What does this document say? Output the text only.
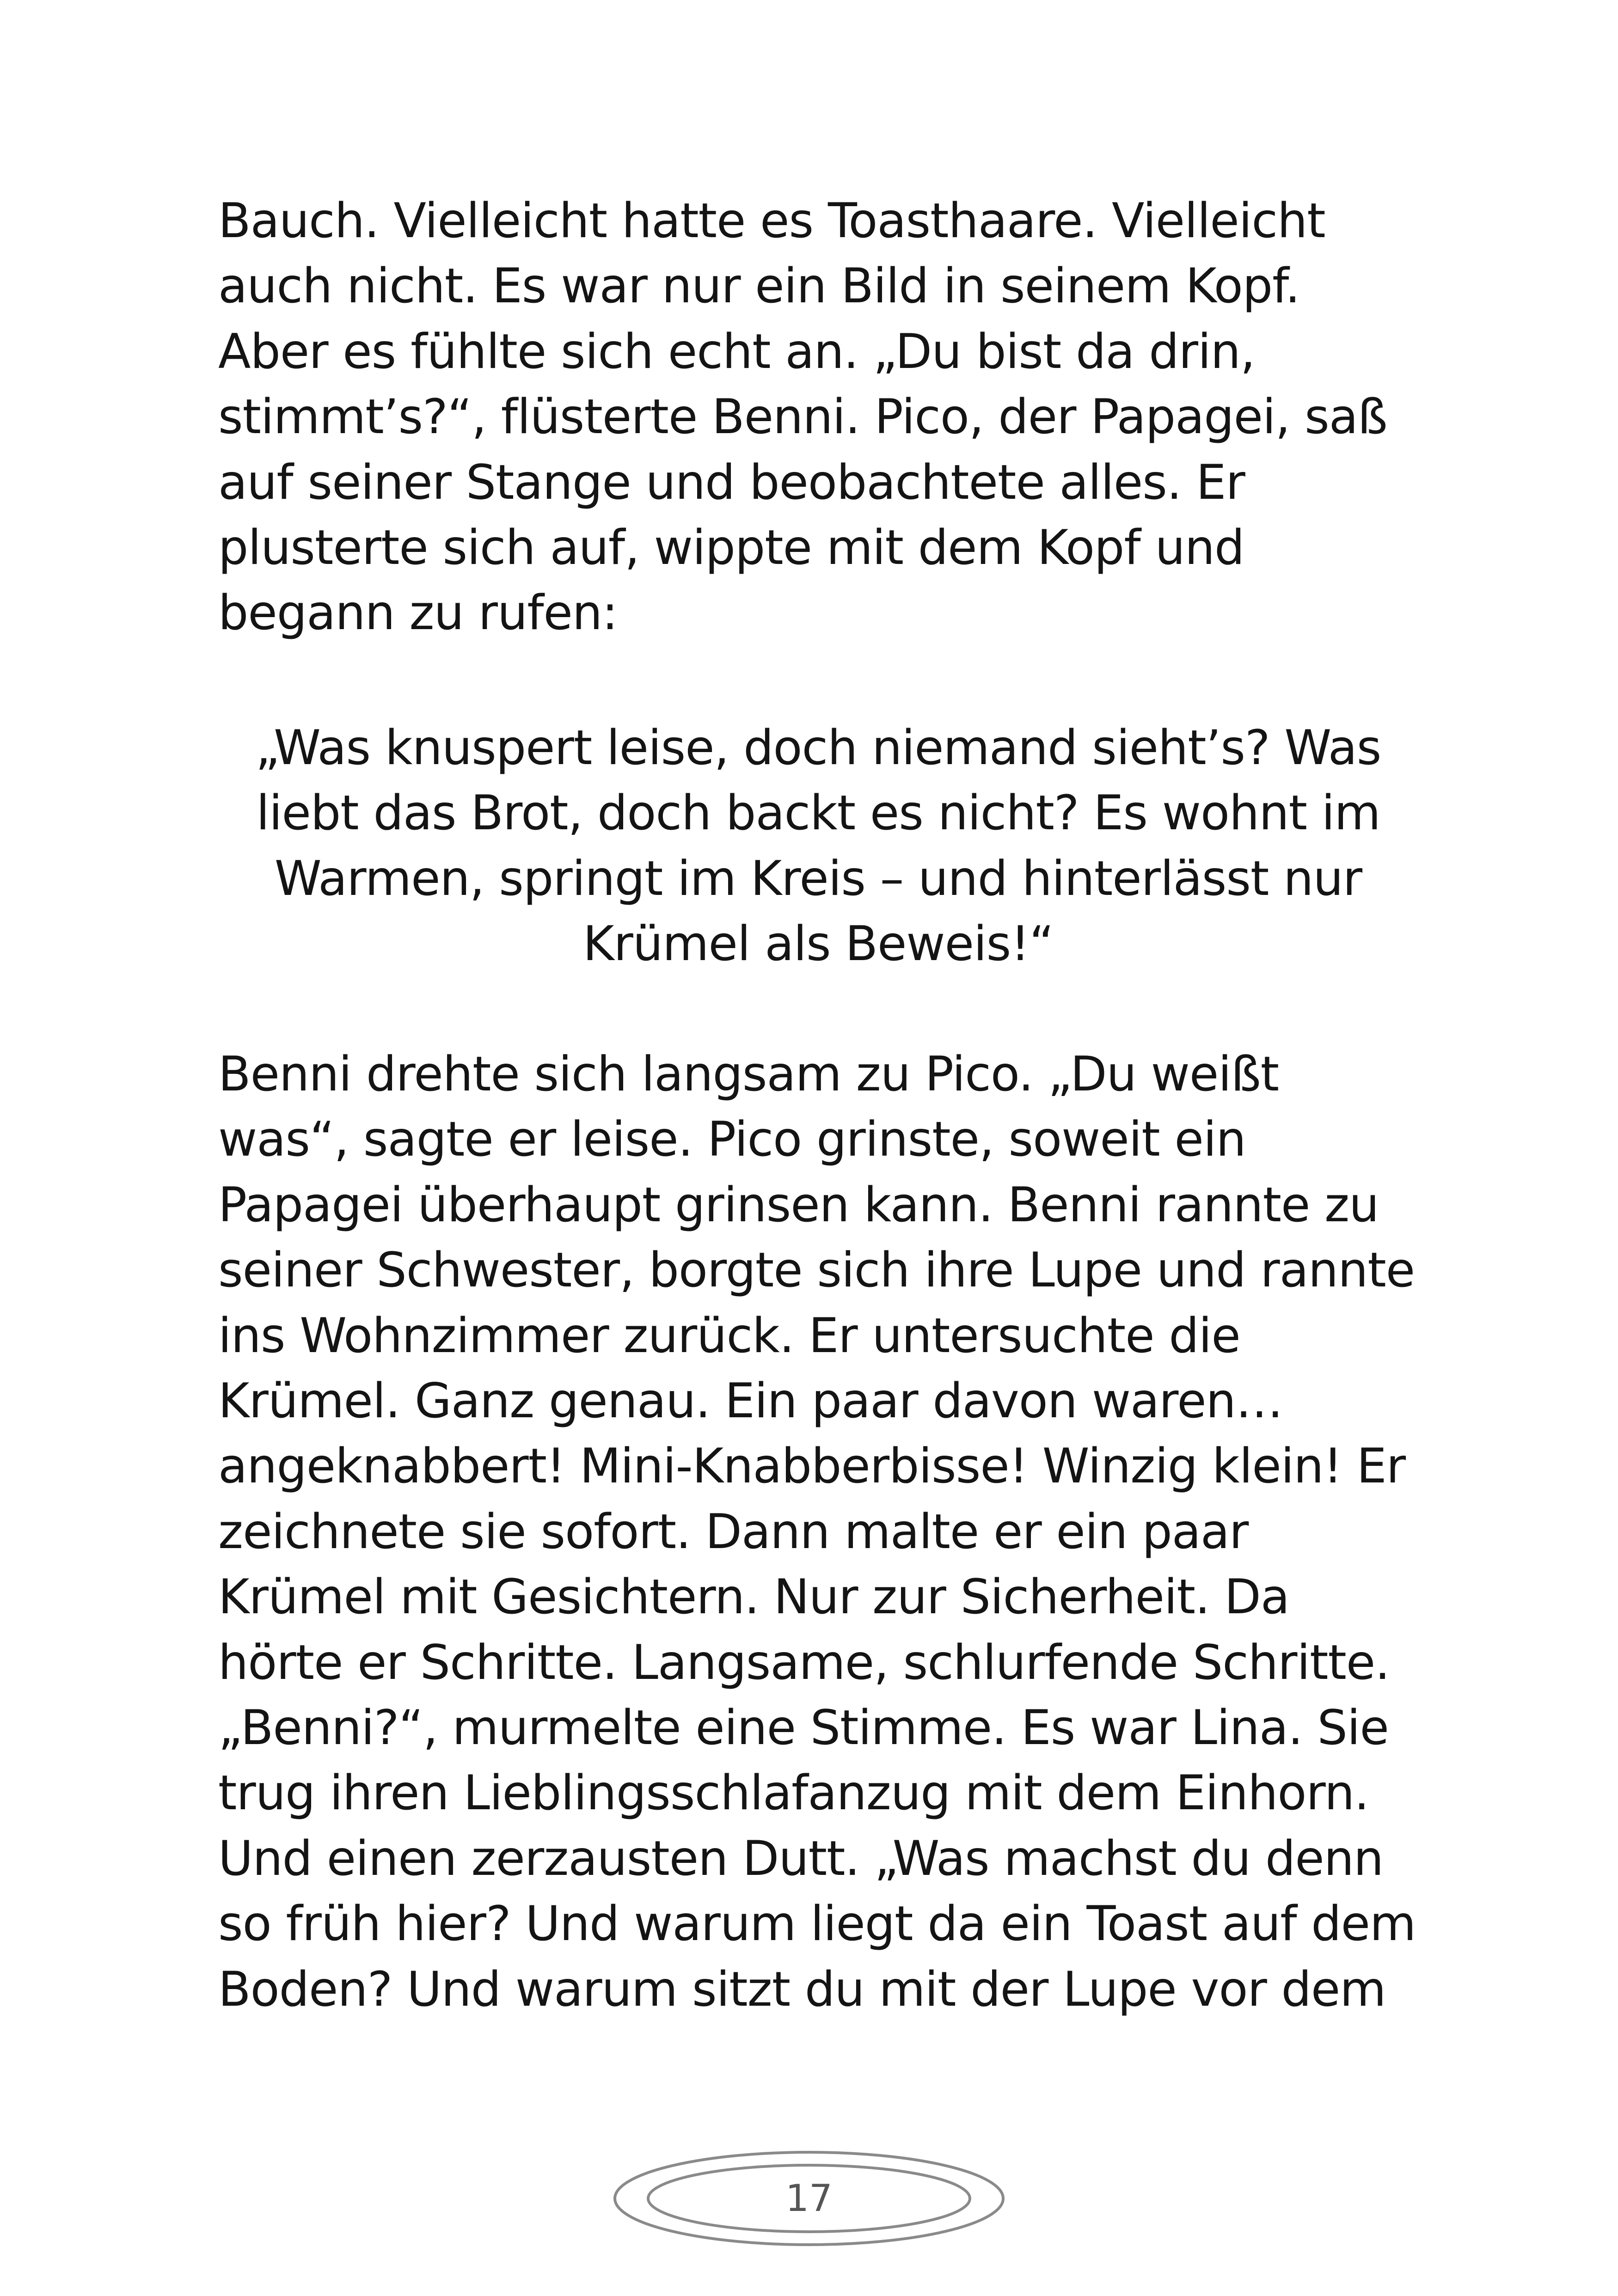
Bauch. Vielleicht hatte es Toasthaare. Vielleicht
auch nicht. Es war nur ein Bild in seinem Kopf.
Aber es fühlte sich echt an. „Du bist da drin,
stimmt’s?“, flüsterte Benni. Pico, der Papagei, saß
auf seiner Stange und beobachtete alles. Er
plusterte sich auf, wippte mit dem Kopf und
begann zu rufen:
„Was knuspert leise, doch niemand sieht’s? Was
liebt das Brot, doch backt es nicht? Es wohnt im
Warmen, springt im Kreis – und hinterlässt nur
Krümel als Beweis!“
Benni drehte sich langsam zu Pico. „Du weißt
was“, sagte er leise. Pico grinste, soweit ein
Papagei überhaupt grinsen kann. Benni rannte zu
seiner Schwester, borgte sich ihre Lupe und rannte
ins Wohnzimmer zurück. Er untersuchte die
Krümel. Ganz genau. Ein paar davon waren…
angeknabbert! Mini-Knabberbisse! Winzig klein! Er
zeichnete sie sofort. Dann malte er ein paar
Krümel mit Gesichtern. Nur zur Sicherheit. Da
hörte er Schritte. Langsame, schlurfende Schritte.
„Benni?“, murmelte eine Stimme. Es war Lina. Sie
trug ihren Lieblingsschlafanzug mit dem Einhorn.
Und einen zerzausten Dutt. „Was machst du denn
so früh hier? Und warum liegt da ein Toast auf dem
Boden? Und warum sitzt du mit der Lupe vor dem
17
